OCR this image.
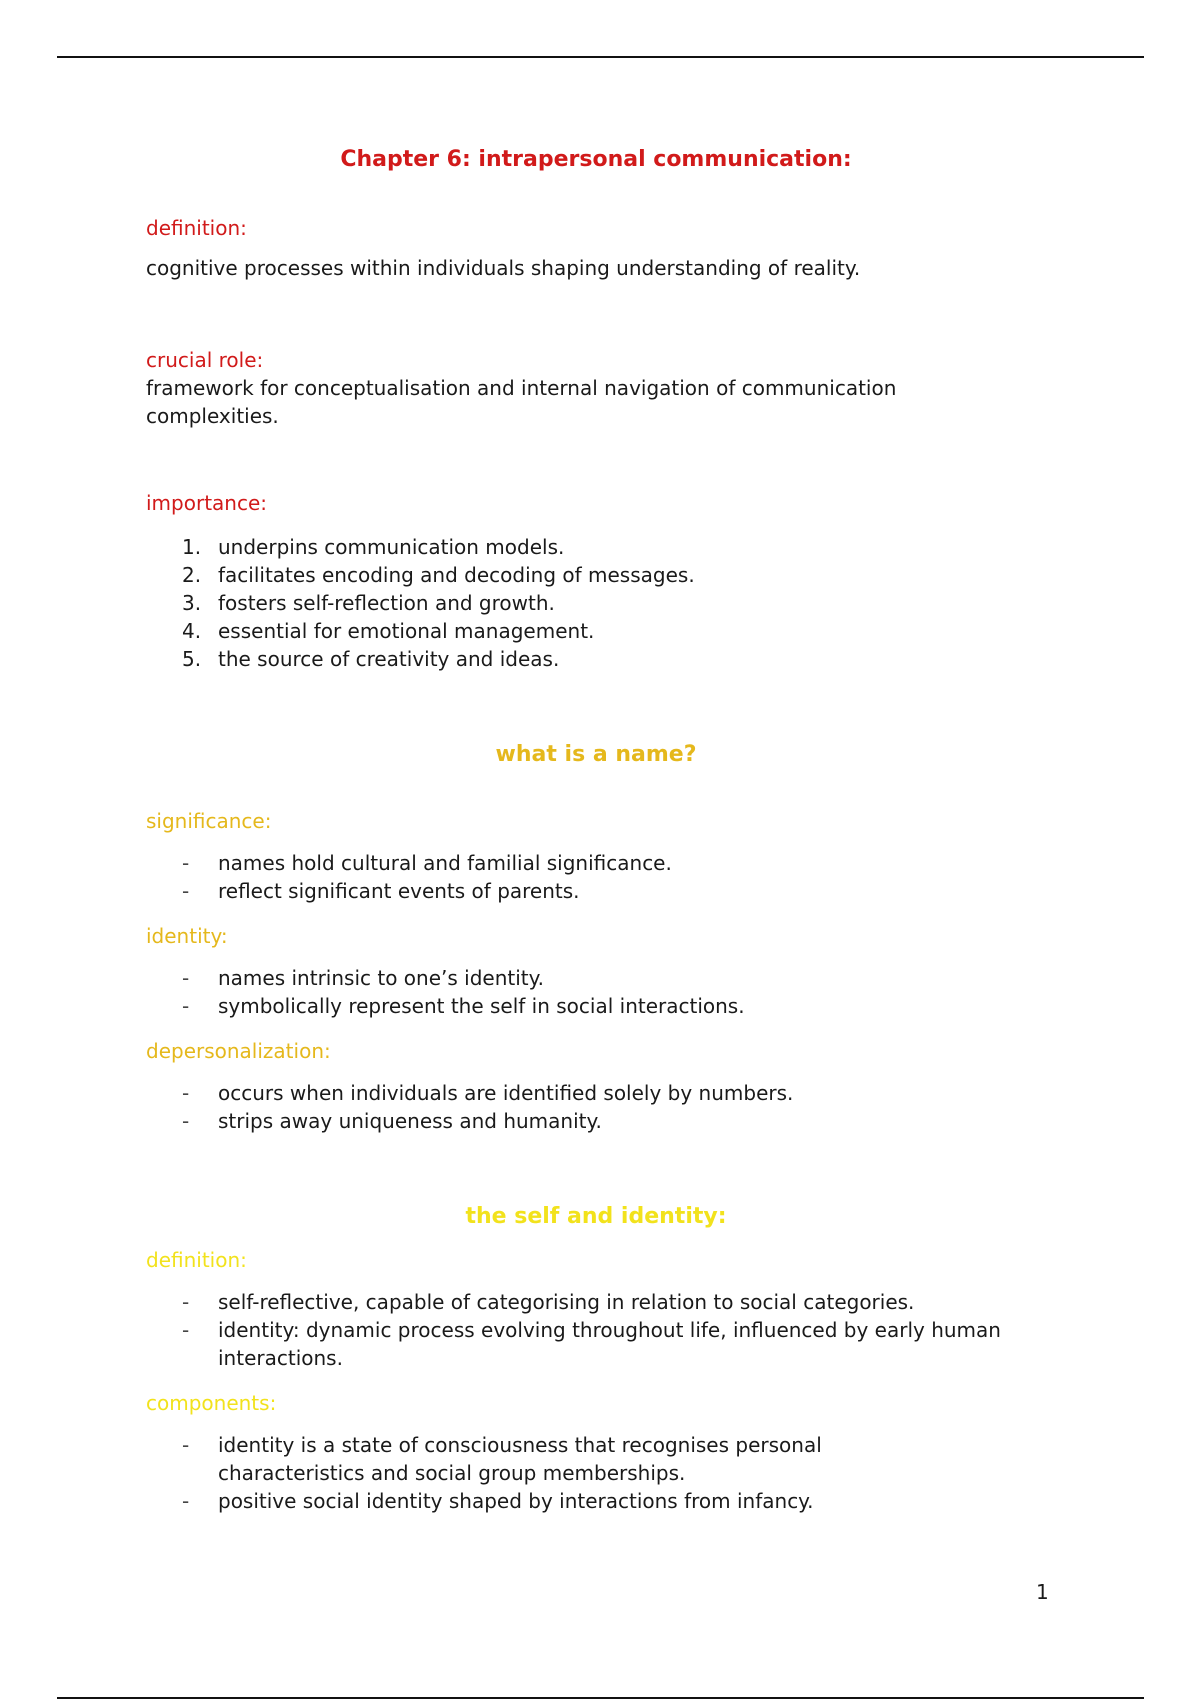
Chapter 6: intrapersonal communication:

definition:

cognitive processes within individuals shaping understanding of reality.

crucial role:

framework for conceptualisation and internal navigation of communication complexities.

importance:

1. underpins communication models.
2. facilitates encoding and decoding of messages.
3. fosters self-reflection and growth.
4. essential for emotional management.
5. the source of creativity and ideas.
what is a name?

significance:

- names hold cultural and familial significance.
- reflect significant events of parents.

identity:

- names intrinsic to one’s identity.
- symbolically represent the self in social interactions.

depersonalization:

- occurs when individuals are identified solely by numbers.
- strips away uniqueness and humanity.
the self and identity:

definition:

- self-reflective, capable of categorising in relation to social categories.
- identity: dynamic process evolving throughout life, influenced by early human interactions.

components:

- identity is a state of consciousness that recognises personal characteristics and social group memberships.
- positive social identity shaped by interactions from infancy.
1
